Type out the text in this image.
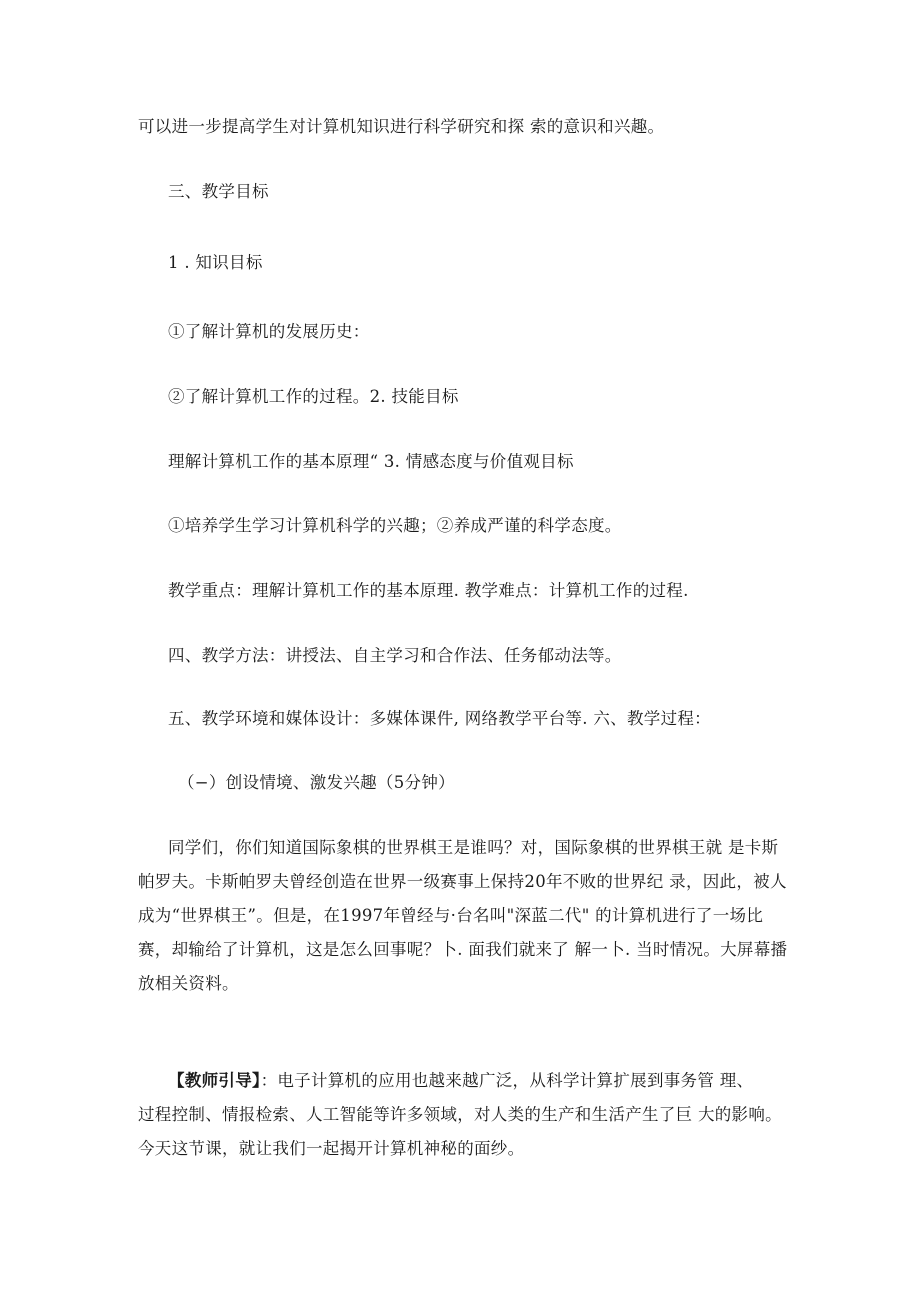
可以进一步提高学生对计算机知识进行科学研究和探 索的意识和兴趣。
三、教学目标
1 . 知识目标
①了解计算机的发展历史：
②了解计算机工作的过程。2. 技能目标
理解计算机工作的基本原理“ 3. 情感态度与价值观目标
①培养学生学习计算机科学的兴趣；②养成严谨的科学态度。
教学重点：理解计算机工作的基本原理. 教学难点：计算机工作的过程.
四、教学方法：讲授法、自主学习和合作法、任务郁动法等。
五、教学环境和媒体设计：多媒体课件, 网络教学平台等. 六、教学过程：
（−）创设情境、激发兴趣（5分钟）
同学们，你们知道国际象棋的世界棋王是谁吗？对，国际象棋的世界棋王就 是卡斯
帕罗夫。卡斯帕罗夫曾经创造在世界一级赛事上保持20年不败的世界纪 录，因此，被人
成为“世界棋王”。但是，在1997年曾经与·台名叫"深蓝二代" 的计算机进行了一场比
赛，却输给了计算机，这是怎么回事呢？卜. 面我们就来了 解一卜. 当时情况。大屏幕播
放相关资料。
【教师引导】：电子计算机的应用也越来越广泛，从科学计算扩展到事务管 理、
过程控制、情报检索、人工智能等许多领域，对人类的生产和生活产生了巨 大的影响。
今天这节课，就让我们一起揭开计算机神秘的面纱。
